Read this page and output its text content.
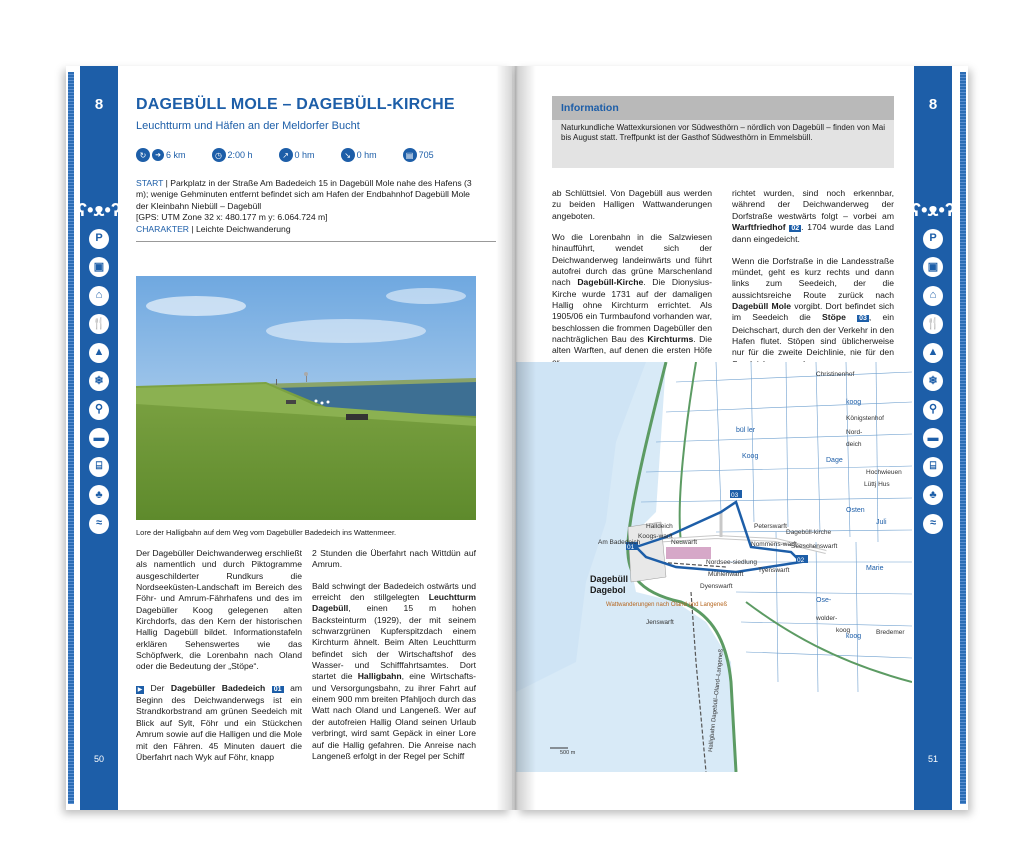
8
ʕ•ᴥ•ʔ
P
▣
⌂
🍴
▲
❄
⚲
▬
⌸
♣
≈
50
DAGEBÜLL MOLE – DAGEBÜLL-KIRCHE
Leuchtturm und Häfen an der Meldorfer Bucht
↻	➜ 6 km	◷ 2:00 h	↗ 0 hm	↘ 0 hm	▤ 705
START | Parkplatz in der Straße Am Badedeich 15 in Dagebüll Mole nahe des Hafens (3 m); wenige Gehminuten entfernt befindet sich am Hafen der Endbahnhof Dagebüll Mole der Kleinbahn Niebüll – Dagebüll
[GPS: UTM Zone 32 x: 480.177 m y: 6.064.724 m]
CHARAKTER | Leichte Deichwanderung
Lore der Halligbahn auf dem Weg vom Dagebüller Badedeich ins Wattenmeer.

Der Dagebüller Deichwanderweg erschließt als namentlich und durch Piktogramme ausgeschilderter Rundkurs die Nordseeküsten-Landschaft im Bereich des Föhr- und Amrum-Fährhafens und des im Dagebüller Koog gelegenen alten Kirchdorfs, das den Kern der historischen Hallig Dagebüll bildet. Informationstafeln erklären Sehenswertes wie das Schöpfwerk, die Lorenbahn nach Oland oder die Bedeutung der „Stöpe“.

▶ Der Dagebüller Badedeich 01 am Beginn des Deichwanderwegs ist ein Strandkorbstrand am grünen Seedeich mit Blick auf Sylt, Föhr und ein Stückchen Amrum sowie auf die Halligen und die Mole mit den Fähren. 45 Minuten dauert die Überfahrt nach Wyk auf Föhr, knapp

2 Stunden die Überfahrt nach Wittdün auf Amrum.

Bald schwingt der Badedeich ostwärts und erreicht den stillgelegten Leuchtturm Dagebüll, einen 15 m hohen Backsteinturm (1929), der mit seinem schwarzgrünen Kupferspitzdach einem Kirchturm ähnelt. Beim Alten Leuchtturm befindet sich der Wirtschaftshof des Wasser- und Schifffahrtsamtes. Dort startet die Halligbahn, eine Wirtschafts- und Versorgungsbahn, zu ihrer Fahrt auf einem 900 mm breiten Pfahljoch durch das Watt nach Oland und Langeneß. Wer auf der autofreien Hallig Oland seinen Urlaub verbringt, wird samt Gepäck in einer Lore auf die Hallig gefahren. Die Anreise nach Langeneß erfolgt in der Regel per Schiff

8
ʕ•ᴥ•ʔ
P
▣
⌂
🍴
▲
❄
⚲
▬
⌸
♣
≈
51
Information
Naturkundliche Wattexkursionen vor Südwesthörn – nördlich von Dagebüll – finden von Mai bis August statt. Treffpunkt ist der Gasthof Südwesthörn in Emmelsbüll.

ab Schlüttsiel. Von Dagebüll aus werden zu beiden Halligen Wattwanderungen angeboten.

Wo die Lorenbahn in die Salzwiesen hinaufführt, wendet sich der Deichwanderweg landeinwärts und führt autofrei durch das grüne Marschenland nach Dagebüll-Kirche. Die Dionysius-Kirche wurde 1731 auf der damaligen Hallig ohne Kirchturm errichtet. Als 1905/06 ein Turmbaufond vorhanden war, beschlossen die frommen Dagebüller den nachträglichen Bau des Kirchturms. Die alten Warften, auf denen die ersten Höfe

richtet wurden, sind noch erkennbar, während der Deichwanderweg der Dorfstraße westwärts folgt – vorbei am Warftfriedhof 02 . 1704 wurde das Land dann eingedeicht.

Wenn die Dorfstraße in die Landesstraße mündet, geht es kurz rechts und dann links zum Seedeich, der die aussichtsreiche Route zurück nach Dagebüll Mole vorgibt. Dort befindet sich im Seedeich die Stöpe 03 , ein Deichschart, durch den der Verkehr in den Hafen flutet. Stöpen sind üblicherweise nur für die zweite Deichlinie, nie für den

01
02
03
Christinenhof
koog
Königstenhof
bül ler	Nord-
Koog
deich
Dage
Hochwieuen
Lüttj Hus
Halldeich	Peterswarft
Dagebüll-kirche
Osten
Juli
Koogs-warft
Neuwarft	Nommens-warft
Seeschenswarft
Am Badedeich
Nordsee-siedlung
Mühlenwarft
Tyenswarft
Dagebüll
Dagebol	Dyenswarft
Marie
Ose-
koog
Wattwanderungen nach Oland und Langeneß
Jenswarft
wolder-
koog	Bredemer
Halligbahn Dagebüll–Oland–Langeneß
500 m
